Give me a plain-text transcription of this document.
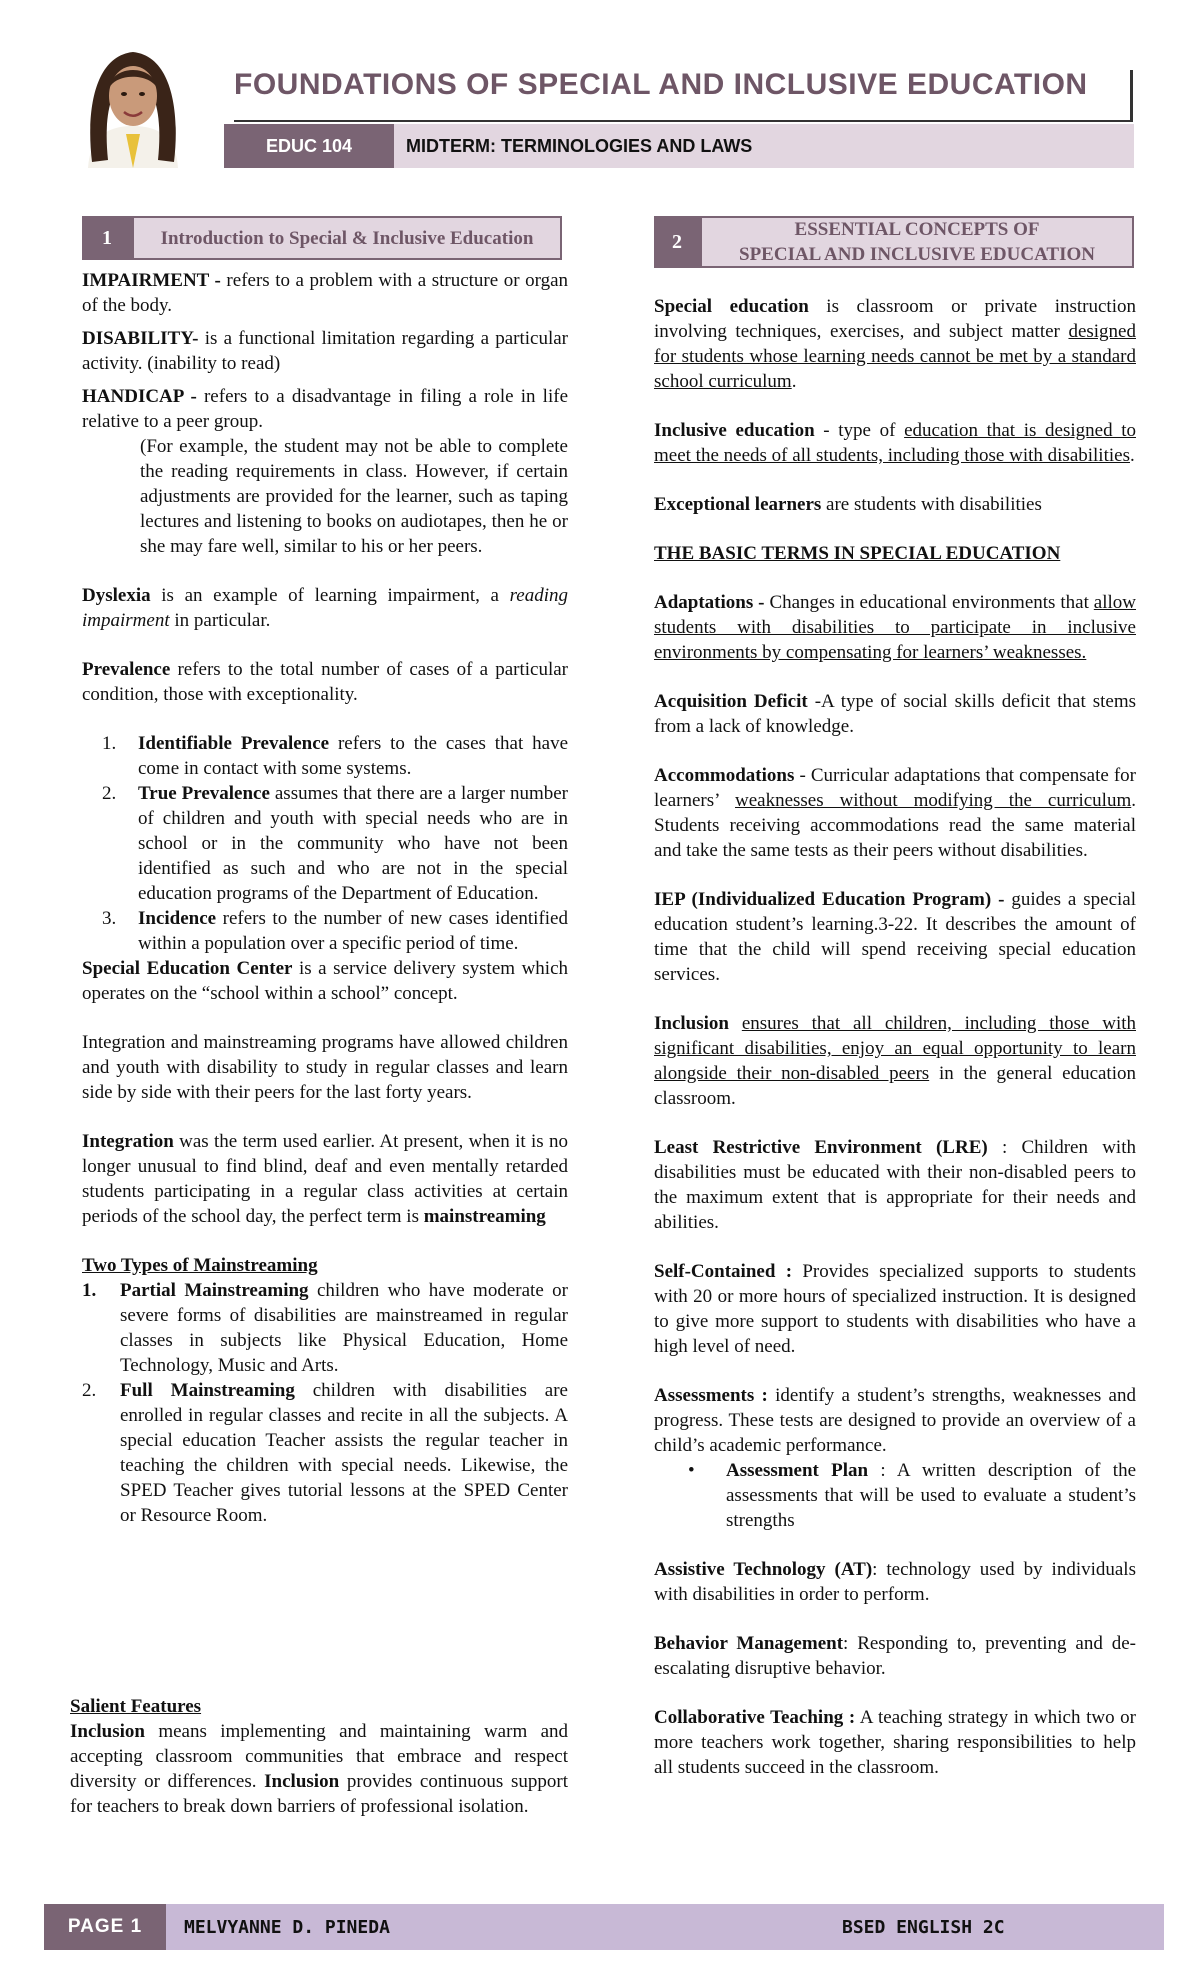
FOUNDATIONS OF SPECIAL AND INCLUSIVE EDUCATION
EDUC 104	MIDTERM: TERMINOLOGIES AND LAWS
1	Introduction to Special & Inclusive Education	2
ESSENTIAL CONCEPTS OF
SPECIAL AND INCLUSIVE EDUCATION

IMPAIRMENT - refers to a problem with a structure or organ of the body.

DISABILITY- is a functional limitation regarding a particular activity. (inability to read)

HANDICAP - refers to a disadvantage in filing a role in life relative to a peer group.

(For example, the student may not be able to complete the reading requirements in class. However, if certain adjustments are provided for the learner, such as taping lectures and listening to books on audiotapes, then he or she may fare well, similar to his or her peers.

Dyslexia is an example of learning impairment, a reading impairment in particular.

Prevalence refers to the total number of cases of a particular condition, those with exceptionality.

1.	Identifiable Prevalence refers to the cases that have come in contact with some systems.
2.	True Prevalence assumes that there are a larger number of children and youth with special needs who are in school or in the community who have not been identified as such and who are not in the special education programs of the Department of Education.
3.	Incidence refers to the number of new cases identified within a population over a specific period of time.

Special Education Center is a service delivery system which operates on the “school within a school” concept.

Integration and mainstreaming programs have allowed children and youth with disability to study in regular classes and learn side by side with their peers for the last forty years.

Integration was the term used earlier. At present, when it is no longer unusual to find blind, deaf and even mentally retarded students participating in a regular class activities at certain periods of the school day, the perfect term is mainstreaming

Two Types of Mainstreaming

1.	Partial Mainstreaming children who have moderate or severe forms of disabilities are mainstreamed in regular classes in subjects like Physical Education, Home Technology, Music and Arts.
2.	Full Mainstreaming children with disabilities are enrolled in regular classes and recite in all the subjects. A special education Teacher assists the regular teacher in teaching the children with special needs. Likewise, the SPED Teacher gives tutorial lessons at the SPED Center or Resource Room.

Salient Features

Inclusion means implementing and maintaining warm and accepting classroom communities that embrace and respect diversity or differences. Inclusion provides continuous support for teachers to break down barriers of professional isolation.

Special education is classroom or private instruction involving techniques, exercises, and subject matter designed for students whose learning needs cannot be met by a standard school curriculum.

Inclusive education - type of education that is designed to meet the needs of all students, including those with disabilities.

Exceptional learners are students with disabilities

THE BASIC TERMS IN SPECIAL EDUCATION

Adaptations - Changes in educational environments that allow students with disabilities to participate in inclusive environments by compensating for learners’ weaknesses.

Acquisition Deficit -A type of social skills deficit that stems from a lack of knowledge.

Accommodations - Curricular adaptations that compensate for learners’ weaknesses without modifying the curriculum. Students receiving accommodations read the same material and take the same tests as their peers without disabilities.

IEP (Individualized Education Program) - guides a special education student’s learning.3-22. It describes the amount of time that the child will spend receiving special education services.

Inclusion ensures that all children, including those with significant disabilities, enjoy an equal opportunity to learn alongside their non-disabled peers in the general education classroom.

Least Restrictive Environment (LRE) : Children with disabilities must be educated with their non-disabled peers to the maximum extent that is appropriate for their needs and abilities.

Self-Contained : Provides specialized supports to students with 20 or more hours of specialized instruction. It is designed to give more support to students with disabilities who have a high level of need.

Assessments : identify a student’s strengths, weaknesses and progress. These tests are designed to provide an overview of a child’s academic performance.

•	Assessment Plan : A written description of the assessments that will be used to evaluate a student’s strengths

Assistive Technology (AT): technology used by individuals with disabilities in order to perform.

Behavior Management: Responding to, preventing and de-escalating disruptive behavior.

Collaborative Teaching : A teaching strategy in which two or more teachers work together, sharing responsibilities to help all students succeed in the classroom.

PAGE 1	MELVYANNE D. PINEDA	BSED ENGLISH 2C
